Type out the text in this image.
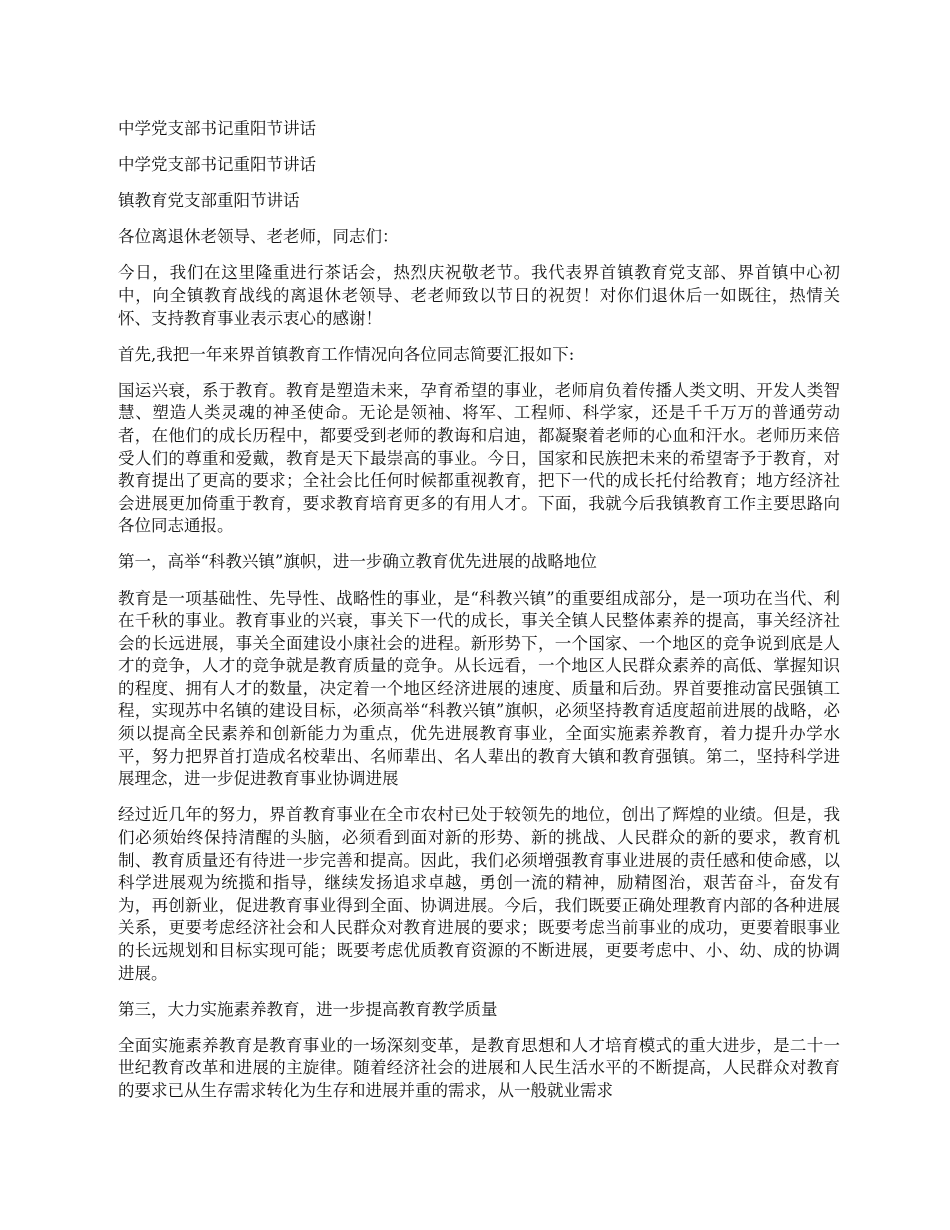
中学党支部书记重阳节讲话
中学党支部书记重阳节讲话
镇教育党支部重阳节讲话

各位离退休老领导、老老师，同志们：

今日，我们在这里隆重进行茶话会，热烈庆祝敬老节。我代表界首镇教育党支部、界首镇中心初中，向全镇教育战线的离退休老领导、老老师致以节日的祝贺！对你们退休后一如既往，热情关怀、支持教育事业表示衷心的感谢！

首先,我把一年来界首镇教育工作情况向各位同志简要汇报如下:

国运兴衰，系于教育。教育是塑造未来，孕育希望的事业，老师肩负着传播人类文明、开发人类智慧、塑造人类灵魂的神圣使命。无论是领袖、将军、工程师、科学家，还是千千万万的普通劳动者，在他们的成长历程中，都要受到老师的教诲和启迪，都凝聚着老师的心血和汗水。老师历来倍受人们的尊重和爱戴，教育是天下最崇高的事业。今日，国家和民族把未来的希望寄予于教育，对教育提出了更高的要求；全社会比任何时候都重视教育，把下一代的成长托付给教育；地方经济社会进展更加倚重于教育，要求教育培育更多的有用人才。下面，我就今后我镇教育工作主要思路向各位同志通报。

第一，高举“科教兴镇”旗帜，进一步确立教育优先进展的战略地位

教育是一项基础性、先导性、战略性的事业，是“科教兴镇”的重要组成部分，是一项功在当代、利在千秋的事业。教育事业的兴衰，事关下一代的成长，事关全镇人民整体素养的提高，事关经济社会的长远进展，事关全面建设小康社会的进程。新形势下，一个国家、一个地区的竞争说到底是人才的竞争，人才的竞争就是教育质量的竞争。从长远看，一个地区人民群众素养的高低、掌握知识的程度、拥有人才的数量，决定着一个地区经济进展的速度、质量和后劲。界首要推动富民强镇工程，实现苏中名镇的建设目标，必须高举“科教兴镇”旗帜，必须坚持教育适度超前进展的战略，必须以提高全民素养和创新能力为重点，优先进展教育事业，全面实施素养教育，着力提升办学水平，努力把界首打造成名校辈出、名师辈出、名人辈出的教育大镇和教育强镇。第二，坚持科学进展理念，进一步促进教育事业协调进展

经过近几年的努力，界首教育事业在全市农村已处于较领先的地位，创出了辉煌的业绩。但是，我们必须始终保持清醒的头脑，必须看到面对新的形势、新的挑战、人民群众的新的要求，教育机制、教育质量还有待进一步完善和提高。因此，我们必须增强教育事业进展的责任感和使命感，以科学进展观为统揽和指导，继续发扬追求卓越，勇创一流的精神，励精图治，艰苦奋斗，奋发有为，再创新业，促进教育事业得到全面、协调进展。今后，我们既要正确处理教育内部的各种进展关系，更要考虑经济社会和人民群众对教育进展的要求；既要考虑当前事业的成功，更要着眼事业的长远规划和目标实现可能；既要考虑优质教育资源的不断进展，更要考虑中、小、幼、成的协调进展。

第三，大力实施素养教育，进一步提高教育教学质量

全面实施素养教育是教育事业的一场深刻变革，是教育思想和人才培育模式的重大进步，是二十一世纪教育改革和进展的主旋律。随着经济社会的进展和人民生活水平的不断提高，人民群众对教育的要求已从生存需求转化为生存和进展并重的需求，从一般就业需求
